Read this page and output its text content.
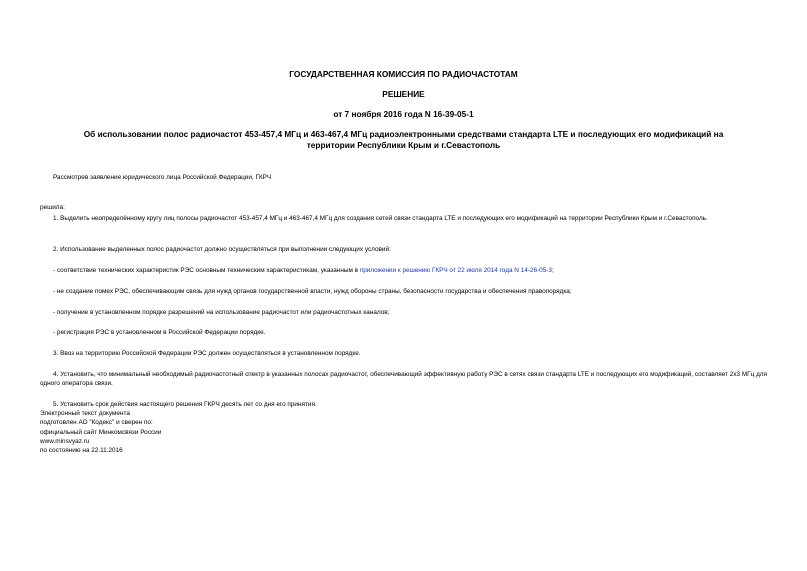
ГОСУДАРСТВЕННАЯ КОМИССИЯ ПО РАДИОЧАСТОТАМ
РЕШЕНИЕ
от 7 ноября 2016 года N 16-39-05-1
Об использовании полос радиочастот 453-457,4 МГц и 463-467,4 МГц радиоэлектронными средствами стандарта LTE и последующих его модификаций на
территории Республики Крым и г.Севастополь

Рассмотрев заявление юридического лица Российской Федерации, ГКРЧ

решила:

1. Выделить неопределённому кругу лиц полосы радиочастот 453-457,4 МГц и 463-467,4 МГц для создания сетей связи стандарта LTE и последующих его модификаций на территории Республики Крым и г.Севастополь.

2. Использование выделенных полос радиочастот должно осуществляться при выполнении следующих условий:

- соответствие технических характеристик РЭС основным техническим характеристикам, указанным в приложении к решению ГКРЧ от 22 июля 2014 года N 14-26-05-3;

- не создание помех РЭС, обеспечивающим связь для нужд органов государственной власти, нужд обороны страны, безопасности государства и обеспечения правопорядка;

- получение в установленном порядке разрешений на использование радиочастот или радиочастотных каналов;

- регистрация РЭС в установленном в Российской Федерации порядке.

3. Ввоз на территорию Российской Федерации РЭС должен осуществляться в установленном порядке.

4. Установить, что минимальный необходимый радиочастотный спектр в указанных полосах радиочастот, обеспечивающий эффективную работу РЭС в сетях связи стандарта LTE и последующих его модификаций, составляет 2х3 МГц для одного оператора связи.

5. Установить срок действия настоящего решения ГКРЧ десять лет со дня его принятия.

Электронный текст документа
подготовлен АО "Кодекс" и сверен по:
официальный сайт Минкомсвязи России
www.minsvyaz.ru
по состоянию на 22.11.2016
